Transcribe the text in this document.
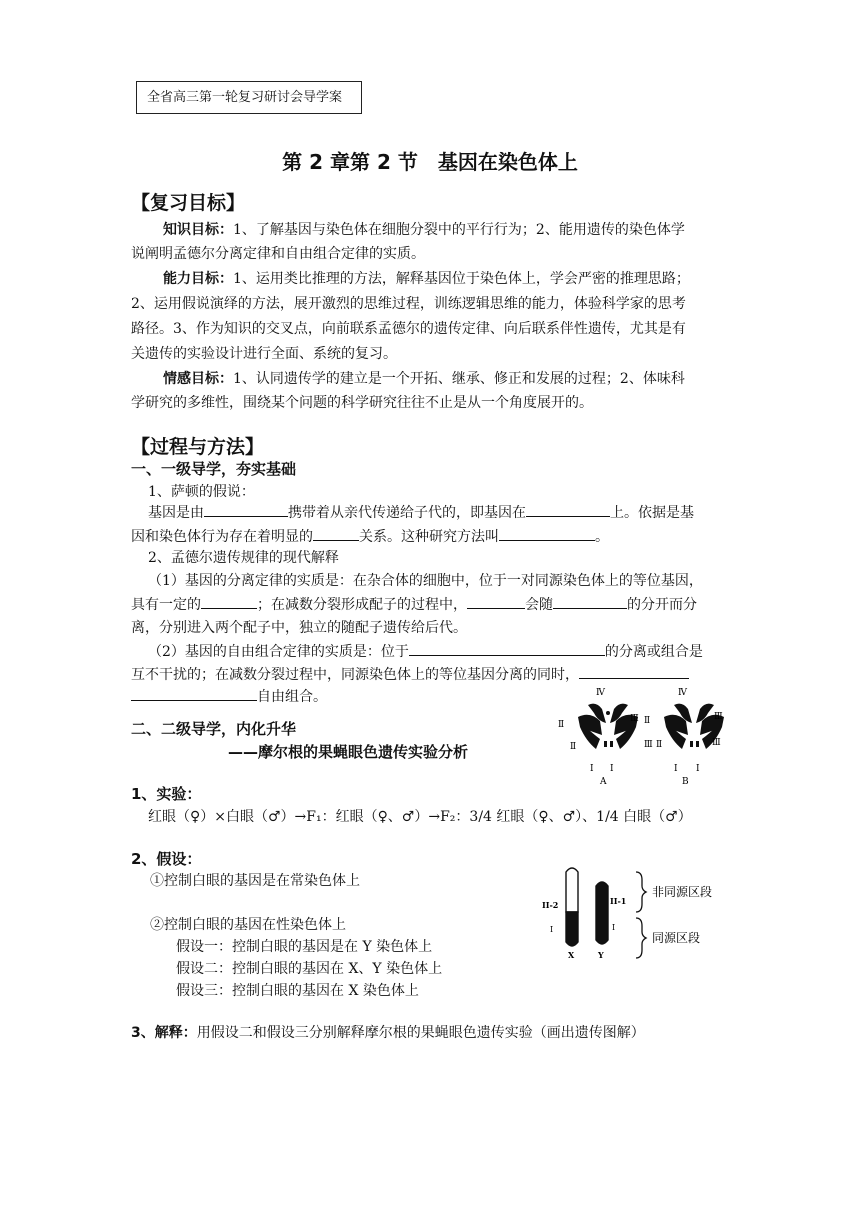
全省高三第一轮复习研讨会导学案
第 2 章第 2 节　基因在染色体上
【复习目标】
知识目标：1、了解基因与染色体在细胞分裂中的平行行为；2、能用遗传的染色体学
说阐明孟德尔分离定律和自由组合定律的实质。
能力目标：1、运用类比推理的方法，解释基因位于染色体上，学会严密的推理思路；
2、运用假说演绎的方法，展开激烈的思维过程，训练逻辑思维的能力，体验科学家的思考
路径。3、作为知识的交叉点，向前联系孟德尔的遗传定律、向后联系伴性遗传，尤其是有
关遗传的实验设计进行全面、系统的复习。
情感目标：1、认同遗传学的建立是一个开拓、继承、修正和发展的过程；2、体味科
学研究的多维性，围绕某个问题的科学研究往往不止是从一个角度展开的。
【过程与方法】
一、一级导学，夯实基础
1、萨顿的假说：
基因是由	携带着从亲代传递给子代的，即基因在	上。依据是基
因和染色体行为存在着明显的	关系。这种研究方法叫	。
2、孟德尔遗传规律的现代解释
（1）基因的分离定律的实质是：在杂合体的细胞中，位于一对同源染色体上的等位基因，
具有一定的	；在减数分裂形成配子的过程中，	会随	的分开而分
离，分别进入两个配子中，独立的随配子遗传给后代。
（2）基因的自由组合定律的实质是：位于	的分离或组合是
互不干扰的；在减数分裂过程中，同源染色体上的等位基因分离的同时，
自由组合。
二、二级导学，内化升华
——摩尔根的果蝇眼色遗传实验分析
Ⅳ
Ⅱ
Ⅲ
Ⅱ	Ⅲ
Ⅰ Ⅰ
A
Ⅳ
Ⅱ	Ⅲ
Ⅱ	Ⅲ
Ⅰ Ⅰ
B
1、实验：
红眼（♀）×白眼（♂）→F₁：红眼（♀、♂）→F₂：3/4 红眼（♀、♂）、1/4 白眼（♂）
2、假设：
①控制白眼的基因是在常染色体上
②控制白眼的基因在性染色体上
假设一：控制白眼的基因是在 Y 染色体上
假设二：控制白眼的基因在 X、Y 染色体上
假设三：控制白眼的基因在 X 染色体上
II-2
I
II-1
I
X	Y
非同源区段
同源区段
3、解释：用假设二和假设三分别解释摩尔根的果蝇眼色遗传实验（画出遗传图解）
